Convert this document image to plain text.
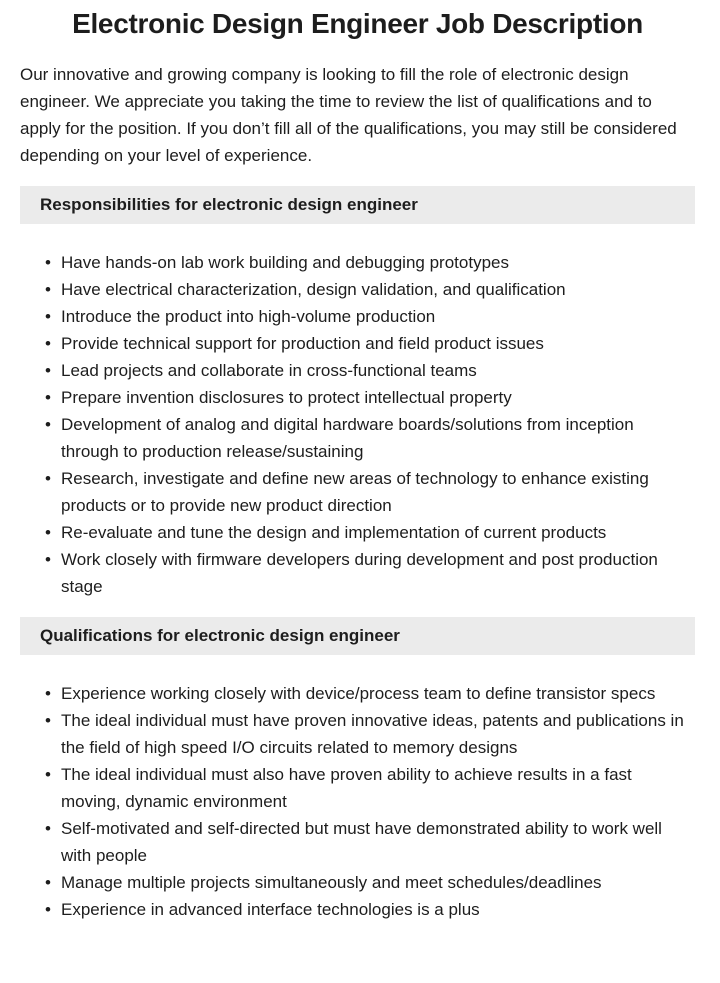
Electronic Design Engineer Job Description

Our innovative and growing company is looking to fill the role of electronic design engineer. We appreciate you taking the time to review the list of qualifications and to apply for the position. If you don’t fill all of the qualifications, you may still be considered depending on your level of experience.

Responsibilities for electronic design engineer
• Have hands-on lab work building and debugging prototypes
• Have electrical characterization, design validation, and qualification
• Introduce the product into high-volume production
• Provide technical support for production and field product issues
• Lead projects and collaborate in cross-functional teams
• Prepare invention disclosures to protect intellectual property
• Development of analog and digital hardware boards/solutions from inception through to production release/sustaining
• Research, investigate and define new areas of technology to enhance existing products or to provide new product direction
• Re-evaluate and tune the design and implementation of current products
• Work closely with firmware developers during development and post production stage
Qualifications for electronic design engineer
• Experience working closely with device/process team to define transistor specs
• The ideal individual must have proven innovative ideas, patents and publications in the field of high speed I/O circuits related to memory designs
• The ideal individual must also have proven ability to achieve results in a fast moving, dynamic environment
• Self-motivated and self-directed but must have demonstrated ability to work well with people
• Manage multiple projects simultaneously and meet schedules/deadlines
• Experience in advanced interface technologies is a plus
